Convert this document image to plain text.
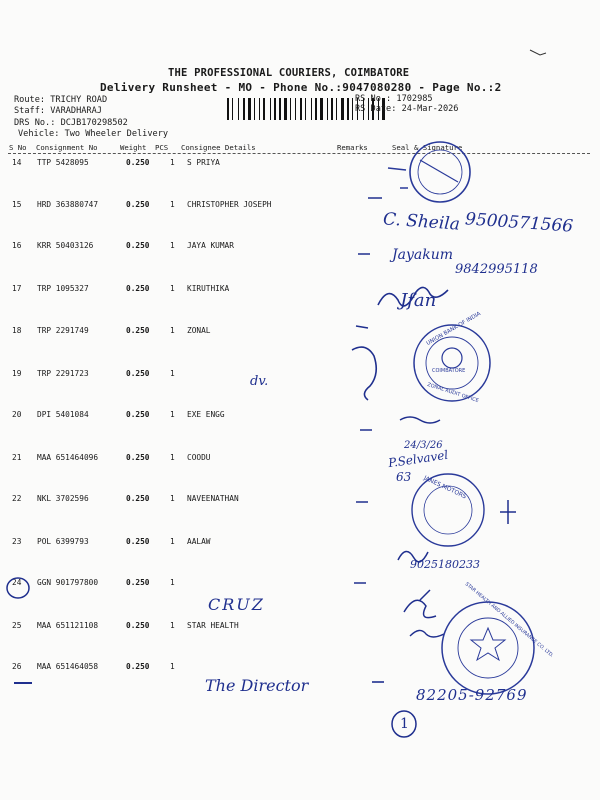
THE PROFESSIONAL COURIERS, COIMBATORE
Delivery Runsheet - MO - Phone No.:9047080280 - Page No.:2
Route: TRICHY ROAD
Staff: VARADHARAJ
DRS No.: DCJB170298502
Vehicle: Two Wheeler Delivery
RS No.: 1702985
RS Date: 24-Mar-2026
S No Consignment No	Weight PCS Consignee Details	Remarks	Seal & Signature
14 TTP 5428095	0.250	1 S PRIYA
15 HRD 363880747	0.250	1 CHRISTOPHER JOSEPH
16 KRR 50403126	0.250	1 JAYA KUMAR
17 TRP 1095327	0.250	1 KIRUTHIKA
18 TRP 2291749	0.250	1 ZONAL
19 TRP 2291723	0.250	1
20 DPI 5401084	0.250	1 EXE ENGG
21 MAA 651464096	0.250	1 COODU
22 NKL 3702596	0.250	1 NAVEENATHAN
23 POL 6399793	0.250	1 AALAW
24 GGN 901797800	0.250	1
25 MAA 651121108	0.250	1 STAR HEALTH
26 MAA 651464058	0.250	1
C. Sheila 9500571566
Jayakum
9842995118
Jfan
dv.
24/3/26
P.Selvavel
63
9025180233
CRUZ
The Director	82205-92769
1
UNION BANK OF INDIA
ZONAL AUDIT OFFICE
COIMBATORE
JANES MOTORS
STAR HEALTH AND ALLIED INSURANCE CO. LTD.
